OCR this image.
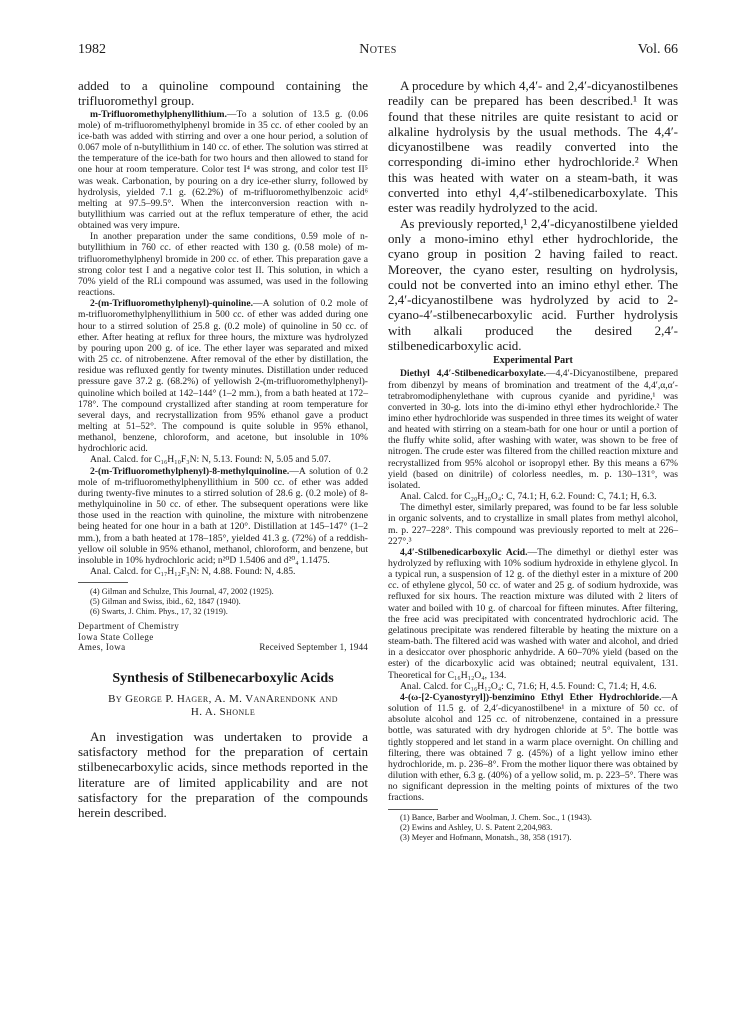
1982	Notes	Vol. 66

added to a quinoline compound containing the trifluoromethyl group.

m-Trifluoromethylphenyllithium.—To a solution of 13.5 g. (0.06 mole) of m-trifluoromethylphenyl bromide in 35 cc. of ether cooled by an ice-bath was added with stirring and over a one hour period, a solution of 0.067 mole of n-butyllithium in 140 cc. of ether. The solution was stirred at the temperature of the ice-bath for two hours and then allowed to stand for one hour at room temperature. Color test I⁴ was strong, and color test II⁵ was weak. Carbonation, by pouring on a dry ice-ether slurry, followed by hydrolysis, yielded 7.1 g. (62.2%) of m-trifluoromethylbenzoic acid⁶ melting at 97.5–99.5°. When the interconversion reaction with n-butyllithium was carried out at the reflux temperature of ether, the acid obtained was very impure.

In another preparation under the same conditions, 0.59 mole of n-butyllithium in 760 cc. of ether reacted with 130 g. (0.58 mole) of m-trifluoromethylphenyl bromide in 200 cc. of ether. This preparation gave a strong color test I and a negative color test II. This solution, in which a 70% yield of the RLi compound was assumed, was used in the following reactions.

2-(m-Trifluoromethylphenyl)-quinoline.—A solution of 0.2 mole of m-trifluoromethylphenyllithium in 500 cc. of ether was added during one hour to a stirred solution of 25.8 g. (0.2 mole) of quinoline in 50 cc. of ether. After heating at reflux for three hours, the mixture was hydrolyzed by pouring upon 200 g. of ice. The ether layer was separated and mixed with 25 cc. of nitrobenzene. After removal of the ether by distillation, the residue was refluxed gently for twenty minutes. Distillation under reduced pressure gave 37.2 g. (68.2%) of yellowish 2-(m-trifluoromethylphenyl)-quinoline which boiled at 142–144° (1–2 mm.), from a bath heated at 172–178°. The compound crystallized after standing at room temperature for several days, and recrystallization from 95% ethanol gave a product melting at 51–52°. The compound is quite soluble in 95% ethanol, methanol, benzene, chloroform, and acetone, but insoluble in 10% hydrochloric acid.

Anal. Calcd. for C₁₆H₁₀F₃N: N, 5.13. Found: N, 5.05 and 5.07.

2-(m-Trifluoromethylphenyl)-8-methylquinoline.—A solution of 0.2 mole of m-trifluoromethylphenyllithium in 500 cc. of ether was added during twenty-five minutes to a stirred solution of 28.6 g. (0.2 mole) of 8-methylquinoline in 50 cc. of ether. The subsequent operations were like those used in the reaction with quinoline, the mixture with nitrobenzene being heated for one hour in a bath at 120°. Distillation at 145–147° (1–2 mm.), from a bath heated at 178–185°, yielded 41.3 g. (72%) of a reddish-yellow oil soluble in 95% ethanol, methanol, chloroform, and benzene, but insoluble in 10% hydrochloric acid; n²⁰D 1.5406 and d²⁰₄ 1.1475.

Anal. Calcd. for C₁₇H₁₂F₃N: N, 4.88. Found: N, 4.85.

(4) Gilman and Schulze, This Journal, 47, 2002 (1925).

(5) Gilman and Swiss, ibid., 62, 1847 (1940).

(6) Swarts, J. Chim. Phys., 17, 32 (1919).

Department of Chemistry
Iowa State College
Ames, Iowa	Received September 1, 1944
Synthesis of Stilbenecarboxylic Acids
By George P. Hager, A. M. VanArendonk and
H. A. Shonle

An investigation was undertaken to provide a satisfactory method for the preparation of certain stilbenecarboxylic acids, since methods reported in the literature are of limited applicability and are not satisfactory for the preparation of the compounds herein described.

A procedure by which 4,4′- and 2,4′-dicyanostilbenes readily can be prepared has been described.¹ It was found that these nitriles are quite resistant to acid or alkaline hydrolysis by the usual methods. The 4,4′-dicyanostilbene was readily converted into the corresponding di-imino ether hydrochloride.² When this was heated with water on a steam-bath, it was converted into ethyl 4,4′-stilbenedicarboxylate. This ester was readily hydrolyzed to the acid.

As previously reported,¹ 2,4′-dicyanostilbene yielded only a mono-imino ethyl ether hydrochloride, the cyano group in position 2 having failed to react. Moreover, the cyano ester, resulting on hydrolysis, could not be converted into an imino ethyl ether. The 2,4′-dicyanostilbene was hydrolyzed by acid to 2-cyano-4′-stilbenecarboxylic acid. Further hydrolysis with alkali produced the desired 2,4′-stilbenedicarboxylic acid.

Experimental Part

Diethyl 4,4′-Stilbenedicarboxylate.—4,4′-Dicyanostilbene, prepared from dibenzyl by means of bromination and treatment of the 4,4′,α,α′-tetrabromodiphenylethane with cuprous cyanide and pyridine,¹ was converted in 30-g. lots into the di-imino ethyl ether hydrochloride.² The imino ether hydrochloride was suspended in three times its weight of water and heated with stirring on a steam-bath for one hour or until a portion of the fluffy white solid, after washing with water, was shown to be free of nitrogen. The crude ester was filtered from the chilled reaction mixture and recrystallized from 95% alcohol or isopropyl ether. By this means a 67% yield (based on dinitrile) of colorless needles, m. p. 130–131°, was isolated.

Anal. Calcd. for C₂₀H₂₀O₄: C, 74.1; H, 6.2. Found: C, 74.1; H, 6.3.

The dimethyl ester, similarly prepared, was found to be far less soluble in organic solvents, and to crystallize in small plates from methyl alcohol, m. p. 227–228°. This compound was previously reported to melt at 226–227°.³

4,4′-Stilbenedicarboxylic Acid.—The dimethyl or diethyl ester was hydrolyzed by refluxing with 10% sodium hydroxide in ethylene glycol. In a typical run, a suspension of 12 g. of the diethyl ester in a mixture of 200 cc. of ethylene glycol, 50 cc. of water and 25 g. of sodium hydroxide, was refluxed for six hours. The reaction mixture was diluted with 2 liters of water and boiled with 10 g. of charcoal for fifteen minutes. After filtering, the free acid was precipitated with concentrated hydrochloric acid. The gelatinous precipitate was rendered filterable by heating the mixture on a steam-bath. The filtered acid was washed with water and alcohol, and dried in a desiccator over phosphoric anhydride. A 60–70% yield (based on the ester) of the dicarboxylic acid was obtained; neutral equivalent, 131. Theoretical for C₁₆H₁₂O₄, 134.

Anal. Calcd. for C₁₆H₁₂O₄: C, 71.6; H, 4.5. Found: C, 71.4; H, 4.6.

4-(ω-[2-Cyanostyryl])-benzimino Ethyl Ether Hydrochloride.—A solution of 11.5 g. of 2,4′-dicyanostilbene¹ in a mixture of 50 cc. of absolute alcohol and 125 cc. of nitrobenzene, contained in a pressure bottle, was saturated with dry hydrogen chloride at 5°. The bottle was tightly stoppered and let stand in a warm place overnight. On chilling and filtering, there was obtained 7 g. (45%) of a light yellow imino ether hydrochloride, m. p. 236–8°. From the mother liquor there was obtained by dilution with ether, 6.3 g. (40%) of a yellow solid, m. p. 223–5°. There was no significant depression in the melting points of mixtures of the two fractions.

(1) Bance, Barber and Woolman, J. Chem. Soc., 1 (1943).

(2) Ewins and Ashley, U. S. Patent 2,204,983.

(3) Meyer and Hofmann, Monatsh., 38, 358 (1917).
